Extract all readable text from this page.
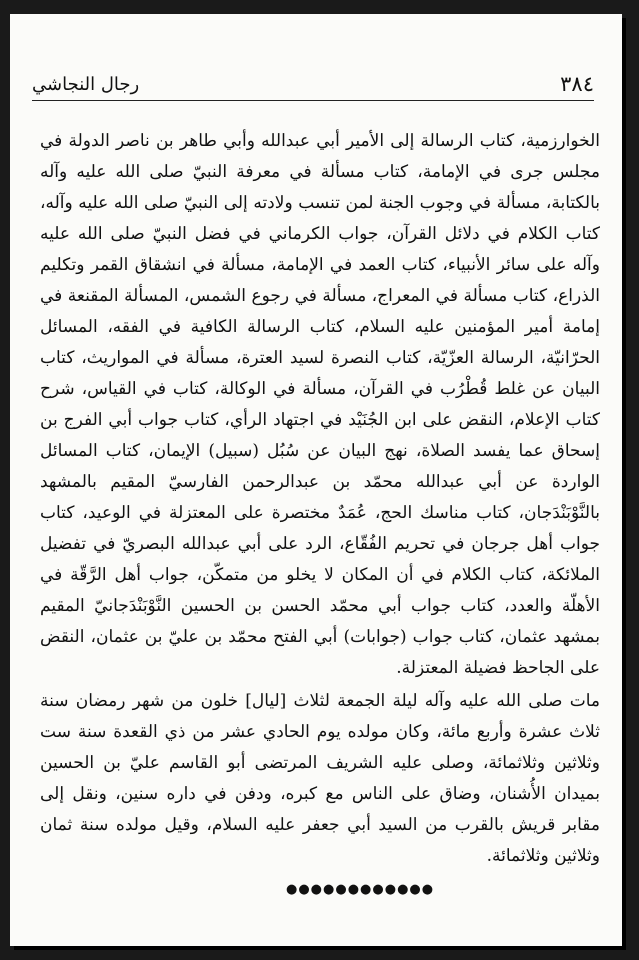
رجال النجاشي	٣٨٤

الخوارزمية، كتاب الرسالة إلى الأمير أبي عبدالله وأبي طاهر بن ناصر الدولة في مجلس جرى في الإمامة، كتاب مسألة في معرفة النبيّ صلى الله عليه وآله بالكتابة، مسألة في وجوب الجنة لمن تنسب ولادته إلى النبيّ صلى الله عليه وآله، كتاب الكلام في دلائل القرآن، جواب الكرماني في فضل النبيّ صلى الله عليه وآله على سائر الأنبياء، كتاب العمد في الإمامة، مسألة في انشقاق القمر وتكليم الذراع، كتاب مسألة في المعراج، مسألة في رجوع الشمس، المسألة المقنعة في إمامة أمير المؤمنين عليه السلام، كتاب الرسالة الكافية في الفقه، المسائل الحرّانيّة، الرسالة العزّيّة، كتاب النصرة لسيد العترة، مسألة في المواريث، كتاب البيان عن غلط قُطْرُب في القرآن، مسألة في الوكالة، كتاب في القياس، شرح كتاب الإعلام، النقض على ابن الجُنَيْد في اجتهاد الرأي، كتاب جواب أبي الفرج بن إسحاق عما يفسد الصلاة، نهج البيان عن سُبُل (سبيل) الإيمان، كتاب المسائل الواردة عن أبي عبدالله محمّد بن عبدالرحمن الفارسيّ المقيم بالمشهد بالنَّوْبَنْدَجان، كتاب مناسك الحج، عُمَدٌ مختصرة على المعتزلة في الوعيد، كتاب جواب أهل جرجان في تحريم الفُقّاع، الرد على أبي عبدالله البصريّ في تفضيل الملائكة، كتاب الكلام في أن المكان لا يخلو من متمكّن، جواب أهل الرَّقّة في الأهلّة والعدد، كتاب جواب أبي محمّد الحسن بن الحسين النَّوْبَنْدَجانيّ المقيم بمشهد عثمان، كتاب جواب (جوابات) أبي الفتح محمّد بن عليّ بن عثمان، النقض على الجاحظ فضيلة المعتزلة.

مات صلى الله عليه وآله ليلة الجمعة لثلاث [ليال] خلون من شهر رمضان سنة ثلاث عشرة وأربع مائة، وكان مولده يوم الحادي عشر من ذي القعدة سنة ست وثلاثين وثلاثمائة، وصلى عليه الشريف المرتضى أبو القاسم عليّ بن الحسين بميدان الأُشنان، وضاق على الناس مع كبره، ودفن في داره سنين، ونقل إلى مقابر قريش بالقرب من السيد أبي جعفر عليه السلام، وقيل مولده سنة ثمان وثلاثين وثلاثمائة.

●●●●●●●●●●●●
